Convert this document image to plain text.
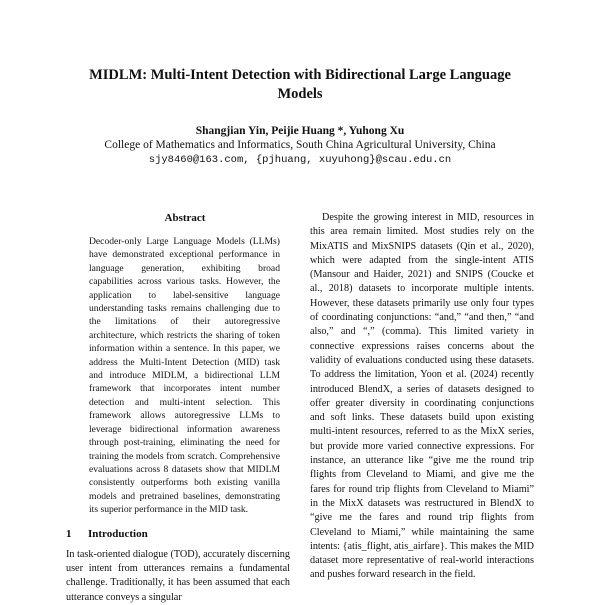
MIDLM: Multi-Intent Detection with Bidirectional Large Language Models
Shangjian Yin, Peijie Huang *, Yuhong Xu
College of Mathematics and Informatics, South China Agricultural University, China
sjy8460@163.com, {pjhuang, xuyuhong}@scau.edu.cn
Abstract
Decoder-only Large Language Models (LLMs) have demonstrated exceptional performance in language generation, exhibiting broad capabilities across various tasks. However, the application to label-sensitive language understanding tasks remains challenging due to the limitations of their autoregressive architecture, which restricts the sharing of token information within a sentence. In this paper, we address the Multi-Intent Detection (MID) task and introduce MIDLM, a bidirectional LLM framework that incorporates intent number detection and multi-intent selection. This framework allows autoregressive LLMs to leverage bidirectional information awareness through post-training, eliminating the need for training the models from scratch. Comprehensive evaluations across 8 datasets show that MIDLM consistently outperforms both existing vanilla models and pretrained baselines, demonstrating its superior performance in the MID task.
1 Introduction

In task-oriented dialogue (TOD), accurately discerning user intent from utterances remains a fundamental challenge. Traditionally, it has been assumed that each utterance conveys a singular

Despite the growing interest in MID, resources in this area remain limited. Most studies rely on the MixATIS and MixSNIPS datasets (Qin et al., 2020), which were adapted from the single-intent ATIS (Mansour and Haider, 2021) and SNIPS (Coucke et al., 2018) datasets to incorporate multiple intents. However, these datasets primarily use only four types of coordinating conjunctions: “and,” “and then,” “and also,” and “,” (comma). This limited variety in connective expressions raises concerns about the validity of evaluations conducted using these datasets. To address the limitation, Yoon et al. (2024) recently introduced BlendX, a series of datasets designed to offer greater diversity in coordinating conjunctions and soft links. These datasets build upon existing multi-intent resources, referred to as the MixX series, but provide more varied connective expressions. For instance, an utterance like “give me the round trip flights from Cleveland to Miami, and give me the fares for round trip flights from Cleveland to Miami” in the MixX datasets was restructured in BlendX to “give me the fares and round trip flights from Cleveland to Miami,” while maintaining the same intents: {atis_flight, atis_airfare}. This makes the MID dataset more representative of real-world interactions and pushes forward research in the field.
